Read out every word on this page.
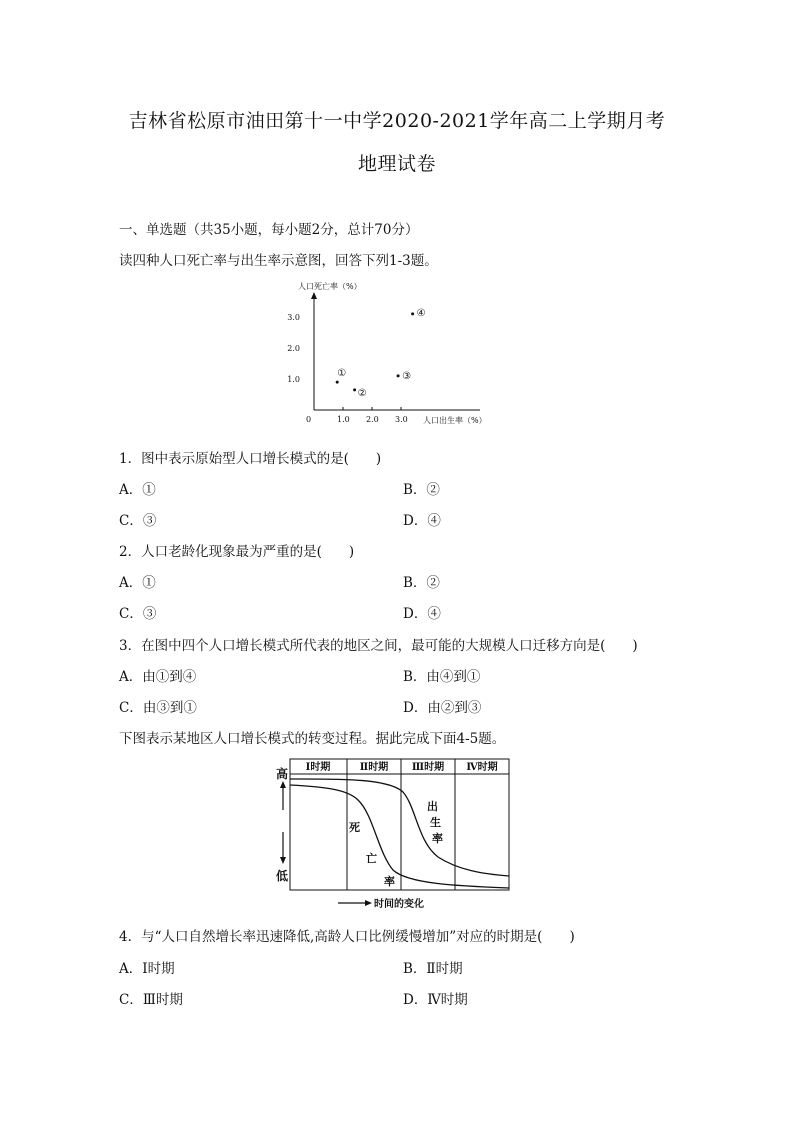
吉林省松原市油田第十一中学2020-2021学年高二上学期月考
地理试卷
一、单选题（共35小题，每小题2分，总计70分）
读四种人口死亡率与出生率示意图，回答下列1-3题。
人口死亡率（%）
0	1.0 2.0 3.0
1.0
2.0
3.0
人口出生率（%）
①
②
③
④
1．图中表示原始型人口增长模式的是(　　)
A．①	B．②
C．③	D．④
2．人口老龄化现象最为严重的是(　　)
A．①	B．②
C．③	D．④
3．在图中四个人口增长模式所代表的地区之间，最可能的大规模人口迁移方向是(　　)
A．由①到④	B．由④到①
C．由③到①	D．由②到③
下图表示某地区人口增长模式的转变过程。据此完成下面4-5题。
Ⅰ时期	Ⅱ时期 Ⅲ时期 Ⅳ时期
高
低
出
生
率
死
亡
率
时间的变化
4．与“人口自然增长率迅速降低,高龄人口比例缓慢增加”对应的时期是(　　)
A．Ⅰ时期	B．Ⅱ时期
C．Ⅲ时期	D．Ⅳ时期
